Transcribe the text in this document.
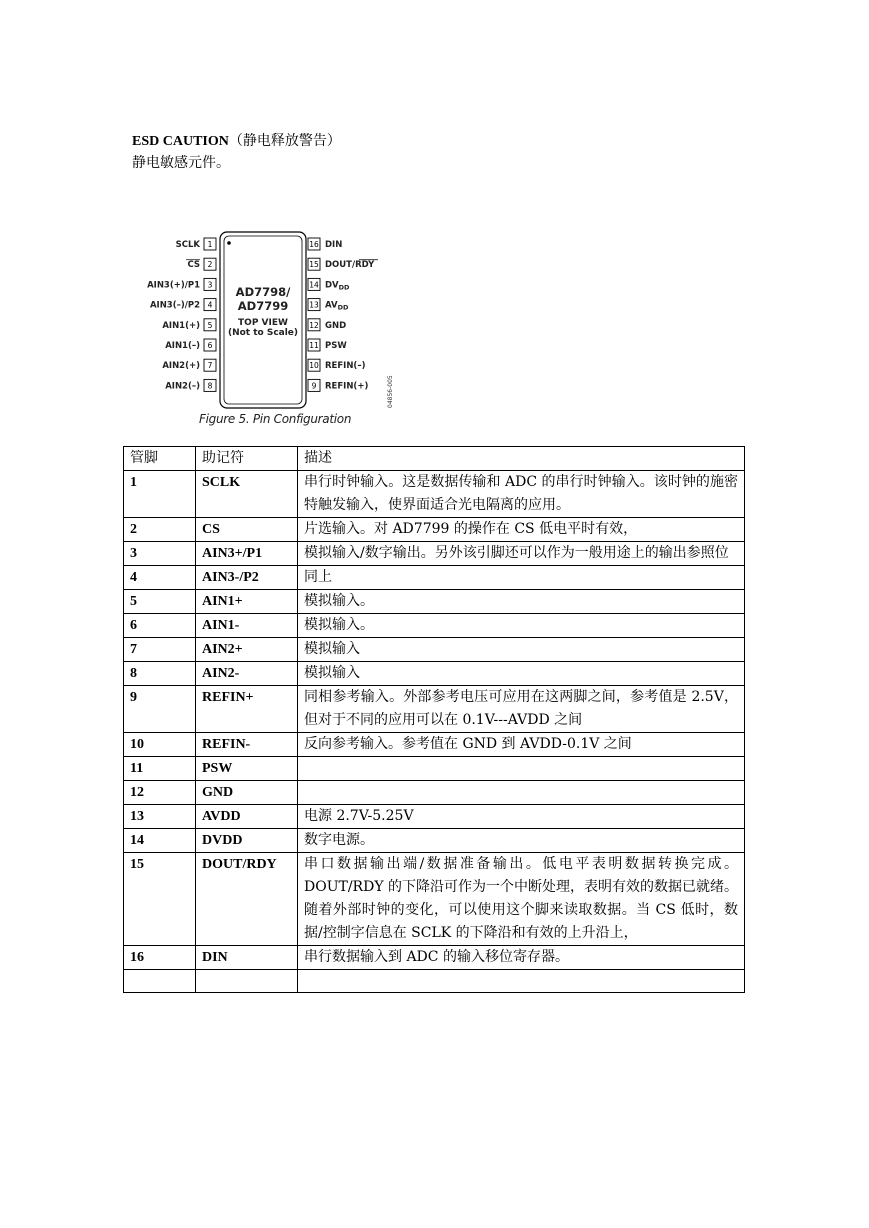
ESD CAUTION（静电释放警告）
静电敏感元件。
AD7798/
AD7799
TOP VIEW
(Not to Scale)
1
SCLK
2
CS
3
AIN3(+)/P1
4
AIN3(–)/P2
5
AIN1(+)
6
AIN1(–)
7
AIN2(+)
8
AIN2(–)
16 DIN
15 DOUT/RDY
14 $DV_{DD}$
13 $AV_{DD}$
12 GND
11 PSW
10 REFIN(–)
9 REFIN(+)	04856-005
Figure 5. Pin Configuration
管脚	助记符	描述
1	SCLK	串行时钟输入。这是数据传输和 ADC 的串行时钟输入。该时钟的施密特触发输入，使界面适合光电隔离的应用。
2	CS	片选输入。对 AD7799 的操作在 CS 低电平时有效，
3	AIN3+/P1	模拟输入/数字输出。另外该引脚还可以作为一般用途上的输出参照位
4	AIN3-/P2	同上
5	AIN1+	模拟输入。
6	AIN1-	模拟输入。
7	AIN2+	模拟输入
8	AIN2-	模拟输入
9	REFIN+	同相参考输入。外部参考电压可应用在这两脚之间，参考值是 2.5V，但对于不同的应用可以在 0.1V---AVDD 之间
10	REFIN-	反向参考输入。参考值在 GND 到 AVDD-0.1V 之间
11	PSW	
12	GND	
13	AVDD	电源 2.7V-5.25V
14	DVDD	数字电源。
15	DOUT/RDY	串口数据输出端/数据准备输出。低电平表明数据转换完成。DOUT/RDY 的下降沿可作为一个中断处理，表明有效的数据已就绪。随着外部时钟的变化，可以使用这个脚来读取数据。当 CS 低时，数据/控制字信息在 SCLK 的下降沿和有效的上升沿上，
16	DIN	串行数据输入到 ADC 的输入移位寄存器。
